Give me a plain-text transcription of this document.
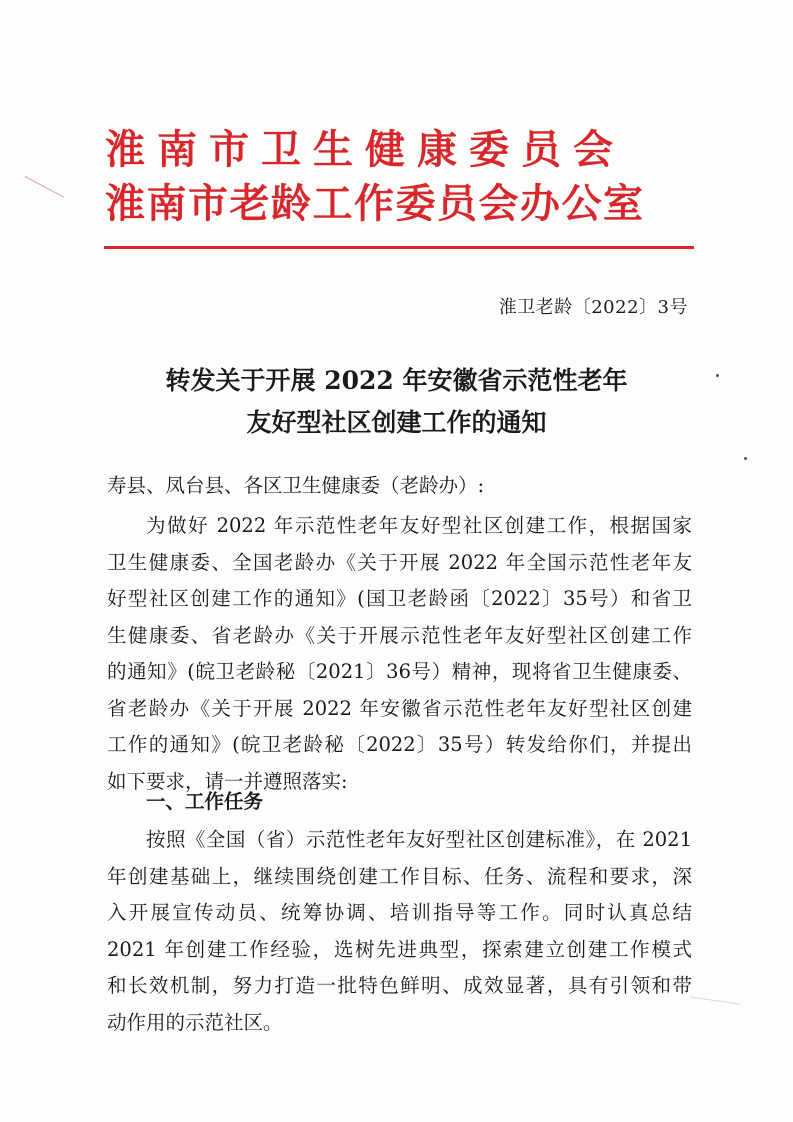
淮南市卫生健康委员会
淮南市老龄工作委员会办公室
淮卫老龄〔2022〕3号
转发关于开展 2022 年安徽省示范性老年
友好型社区创建工作的通知
寿县、凤台县、各区卫生健康委（老龄办）:
为做好 2022 年示范性老年友好型社区创建工作，根据国家
卫生健康委、全国老龄办《关于开展 2022 年全国示范性老年友
好型社区创建工作的通知》(国卫老龄函〔2022〕35号）和省卫
生健康委、省老龄办《关于开展示范性老年友好型社区创建工作
的通知》(皖卫老龄秘〔2021〕36号）精神，现将省卫生健康委、
省老龄办《关于开展 2022 年安徽省示范性老年友好型社区创建
工作的通知》(皖卫老龄秘〔2022〕35号）转发给你们，并提出
如下要求，请一并遵照落实:
一、工作任务
按照《全国（省）示范性老年友好型社区创建标准》，在 2021
年创建基础上，继续围绕创建工作目标、任务、流程和要求，深
入开展宣传动员、统筹协调、培训指导等工作。同时认真总结
2021 年创建工作经验，选树先进典型，探索建立创建工作模式
和长效机制，努力打造一批特色鲜明、成效显著，具有引领和带
动作用的示范社区。
